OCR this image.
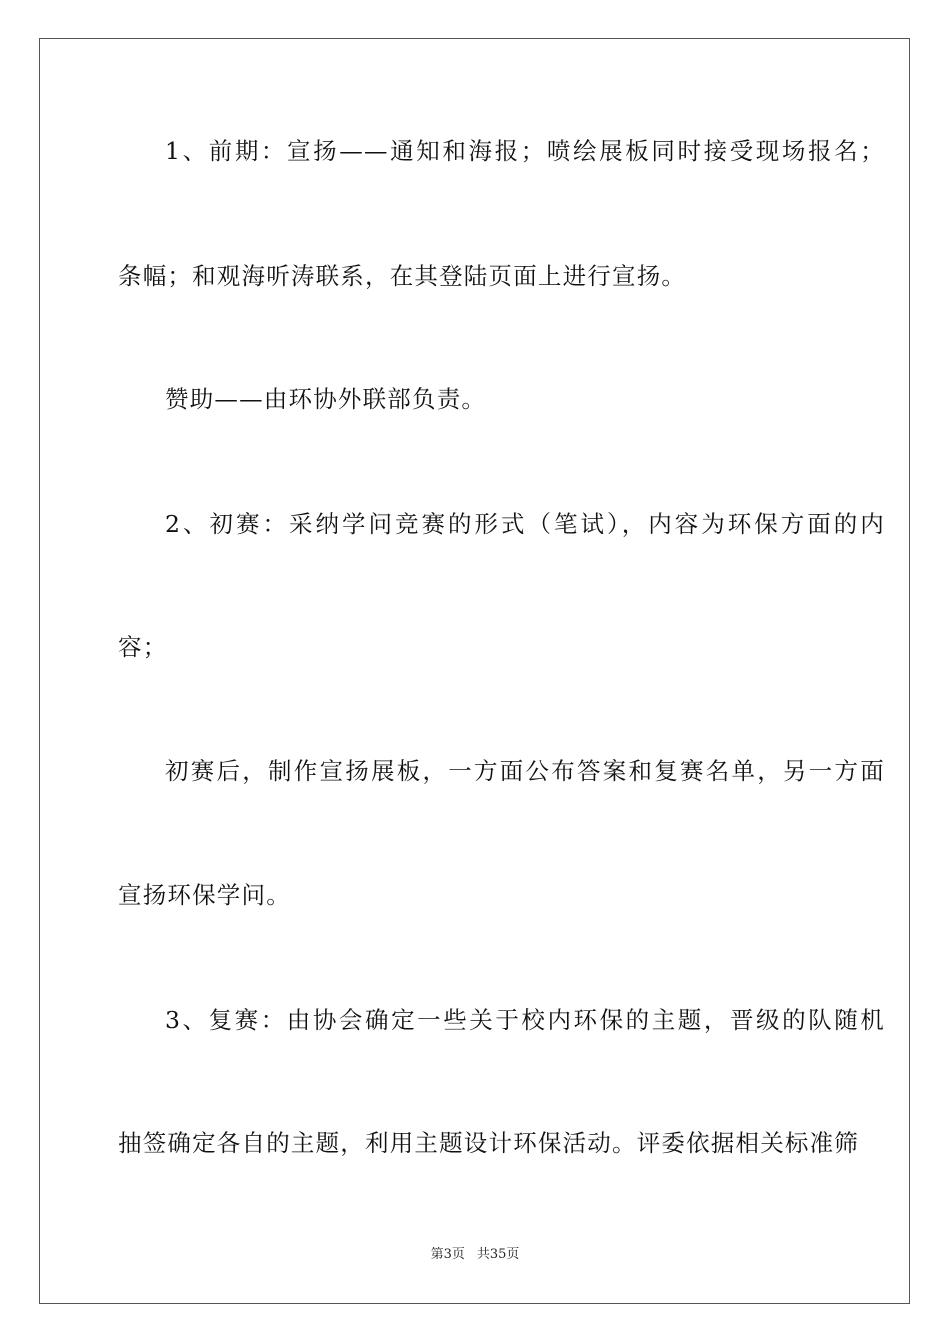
1、前期：宣扬——通知和海报；喷绘展板同时接受现场报名；
条幅；和观海听涛联系，在其登陆页面上进行宣扬。
赞助——由环协外联部负责。
2、初赛：采纳学问竞赛的形式（笔试），内容为环保方面的内
容；
初赛后，制作宣扬展板，一方面公布答案和复赛名单，另一方面
宣扬环保学问。
3、复赛：由协会确定一些关于校内环保的主题，晋级的队随机
抽签确定各自的主题，利用主题设计环保活动。评委依据相关标准筛
第3页 共35页
